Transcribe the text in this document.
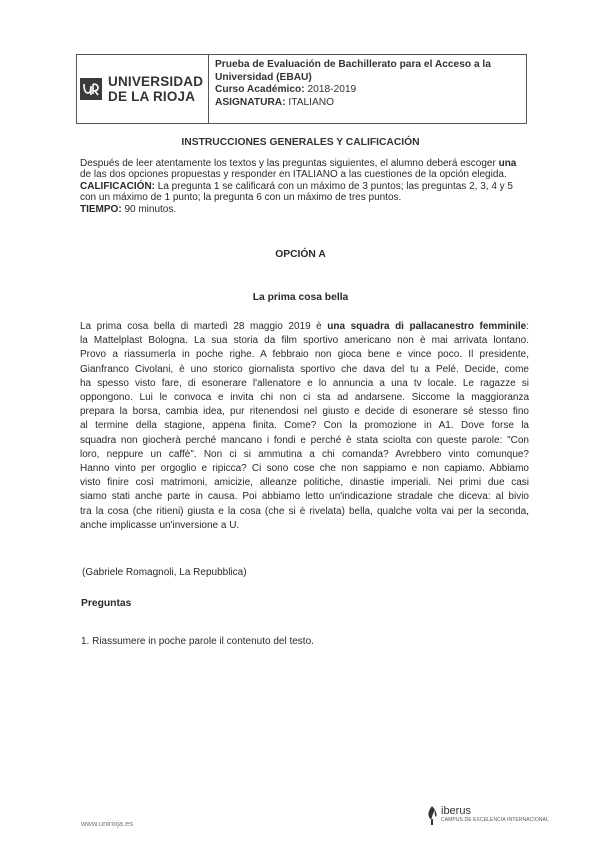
UNIVERSIDAD
DE LA RIOJA
Prueba de Evaluación de Bachillerato para el Acceso a la
Universidad (EBAU)
Curso Académico: 2018-2019
ASIGNATURA: ITALIANO
INSTRUCCIONES GENERALES Y CALIFICACIÓN

Después de leer atentamente los textos y las preguntas siguientes, el alumno deberá escoger una de las dos opciones propuestas y responder en ITALIANO a las cuestiones de la opción elegida.

CALIFICACIÓN: La pregunta 1 se calificará con un máximo de 3 puntos; las preguntas 2, 3, 4 y 5 con un máximo de 1 punto; la pregunta 6 con un máximo de tres puntos.

TIEMPO: 90 minutos.

OPCIÓN A
La prima cosa bella
La prima cosa bella di martedì 28 maggio 2019 è una squadra di pallacanestro femminile:
la Mattelplast Bologna. La sua storia da film sportivo americano non è mai arrivata lontano.
Provo a riassumerla in poche righe. A febbraio non gioca bene e vince poco. Il presidente,
Gianfranco Civolani, è uno storico giornalista sportivo che dava del tu a Pelé. Decide, come
ha spesso visto fare, di esonerare l'allenatore e lo annuncia a una tv locale. Le ragazze si
oppongono. Lui le convoca e invita chi non ci sta ad andarsene. Siccome la maggioranza
prepara la borsa, cambia idea, pur ritenendosi nel giusto e decide di esonerare sé stesso fino
al termine della stagione, appena finita. Come? Con la promozione in A1. Dove forse la
squadra non giocherà perché mancano i fondi e perché è stata sciolta con queste parole: "Con
loro, neppure un caffè". Non ci si ammutina a chi comanda? Avrebbero vinto comunque?
Hanno vinto per orgoglio e ripicca? Ci sono cose che non sappiamo e non capiamo. Abbiamo
visto finire così matrimoni, amicizie, alleanze politiche, dinastie imperiali. Nei primi due casi
siamo stati anche parte in causa. Poi abbiamo letto un'indicazione stradale che diceva: al bivio
tra la cosa (che ritieni) giusta e la cosa (che si è rivelata) bella, qualche volta vai per la seconda,
anche implicasse un'inversione a U.
(Gabriele Romagnoli, La Repubblica)
Preguntas
1. Riassumere in poche parole il contenuto del testo.
www.unirioja.es
iberus
CAMPUS DE EXCELENCIA INTERNACIONAL
